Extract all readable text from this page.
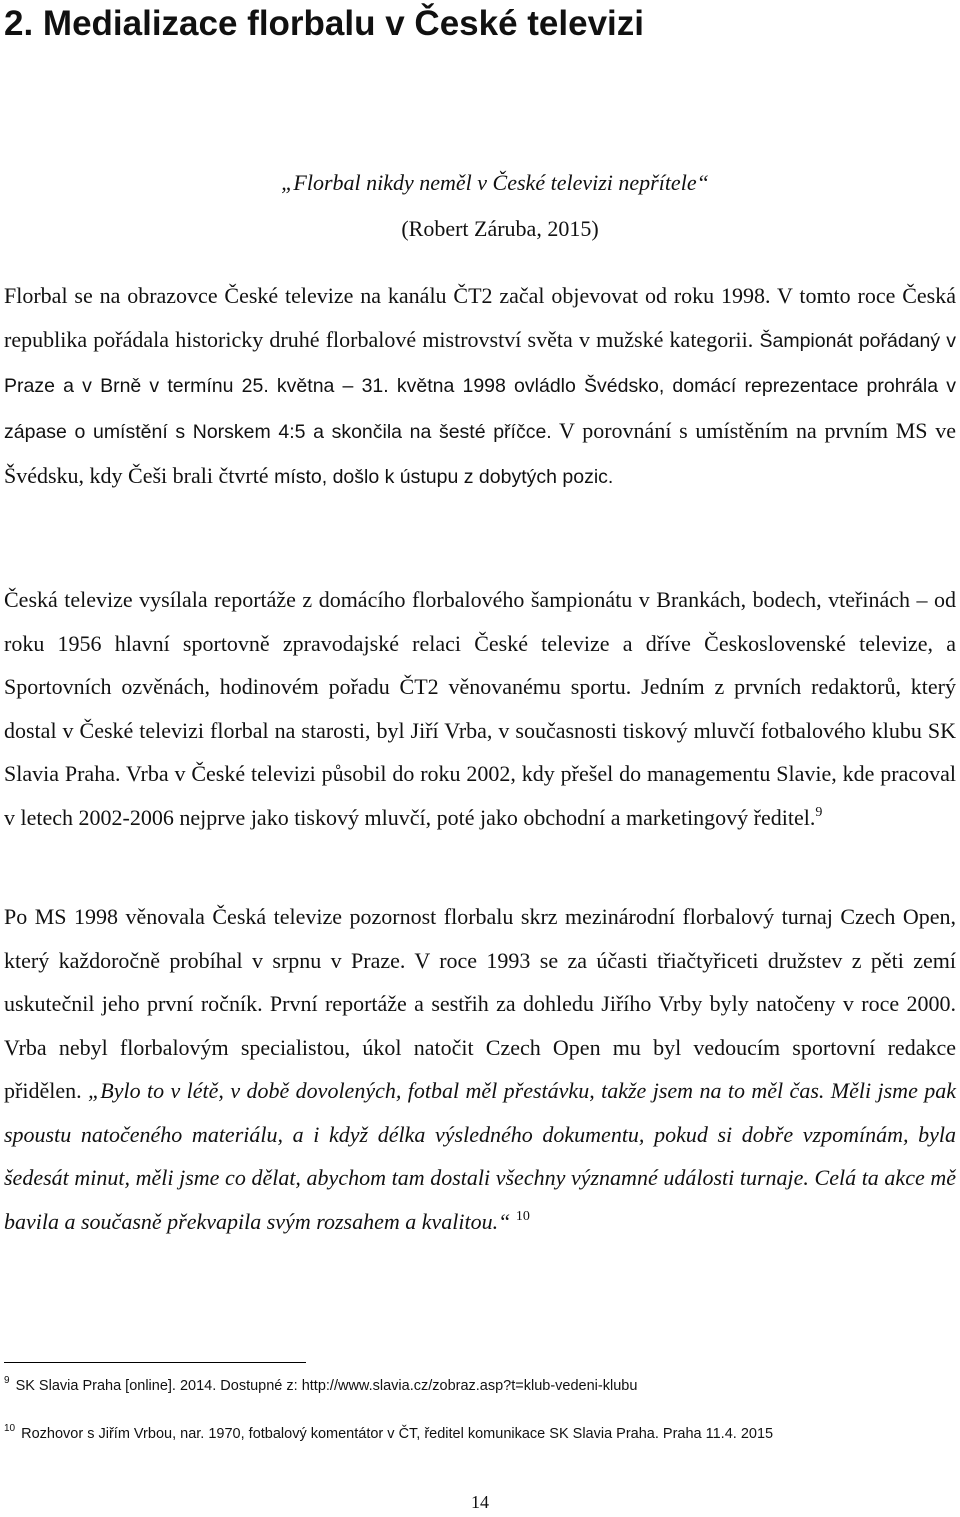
2. Medializace florbalu v České televizi

„Florbal nikdy neměl v České televizi nepřítele“

(Robert Záruba, 2015)

Florbal se na obrazovce České televize na kanálu ČT2 začal objevovat od roku 1998. V tomto roce Česká republika pořádala historicky druhé florbalové mistrovství světa v mužské kategorii. Šampionát pořádaný v Praze a v Brně v termínu 25. května – 31. května 1998 ovládlo Švédsko, domácí reprezentace prohrála v zápase o umístění s Norskem 4:5 a skončila na šesté příčce. V porovnání s umístěním na prvním MS ve Švédsku, kdy Češi brali čtvrté místo, došlo k ústupu z dobytých pozic.

Česká televize vysílala reportáže z domácího florbalového šampionátu v Brankách, bodech, vteřinách – od roku 1956 hlavní sportovně zpravodajské relaci České televize a dříve Československé televize, a Sportovních ozvěnách, hodinovém pořadu ČT2 věnovanému sportu. Jedním z prvních redaktorů, který dostal v České televizi florbal na starosti, byl Jiří Vrba, v současnosti tiskový mluvčí fotbalového klubu SK Slavia Praha. Vrba v České televizi působil do roku 2002, kdy přešel do managementu Slavie, kde pracoval v letech 2002-2006 nejprve jako tiskový mluvčí, poté jako obchodní a marketingový ředitel.$^9$

Po MS 1998 věnovala Česká televize pozornost florbalu skrz mezinárodní florbalový turnaj Czech Open, který každoročně probíhal v srpnu v Praze. V roce 1993 se za účasti třiačtyřiceti družstev z pěti zemí uskutečnil jeho první ročník. První reportáže a sestřih za dohledu Jiřího Vrby byly natočeny v roce 2000. Vrba nebyl florbalovým specialistou, úkol natočit Czech Open mu byl vedoucím sportovní redakce přidělen. „Bylo to v létě, v době dovolených, fotbal měl přestávku, takže jsem na to měl čas. Měli jsme pak spoustu natočeného materiálu, a i když délka výsledného dokumentu, pokud si dobře vzpomínám, byla šedesát minut, měli jsme co dělat, abychom tam dostali všechny významné události turnaje. Celá ta akce mě bavila a současně překvapila svým rozsahem a kvalitou.“ $^{10}$

$^9$ SK Slavia Praha [online]. 2014. Dostupné z: http://www.slavia.cz/zobraz.asp?t=klub-vedeni-klubu

$^{10}$ Rozhovor s Jiřím Vrbou, nar. 1970, fotbalový komentátor v ČT, ředitel komunikace SK Slavia Praha. Praha 11.4. 2015

14
